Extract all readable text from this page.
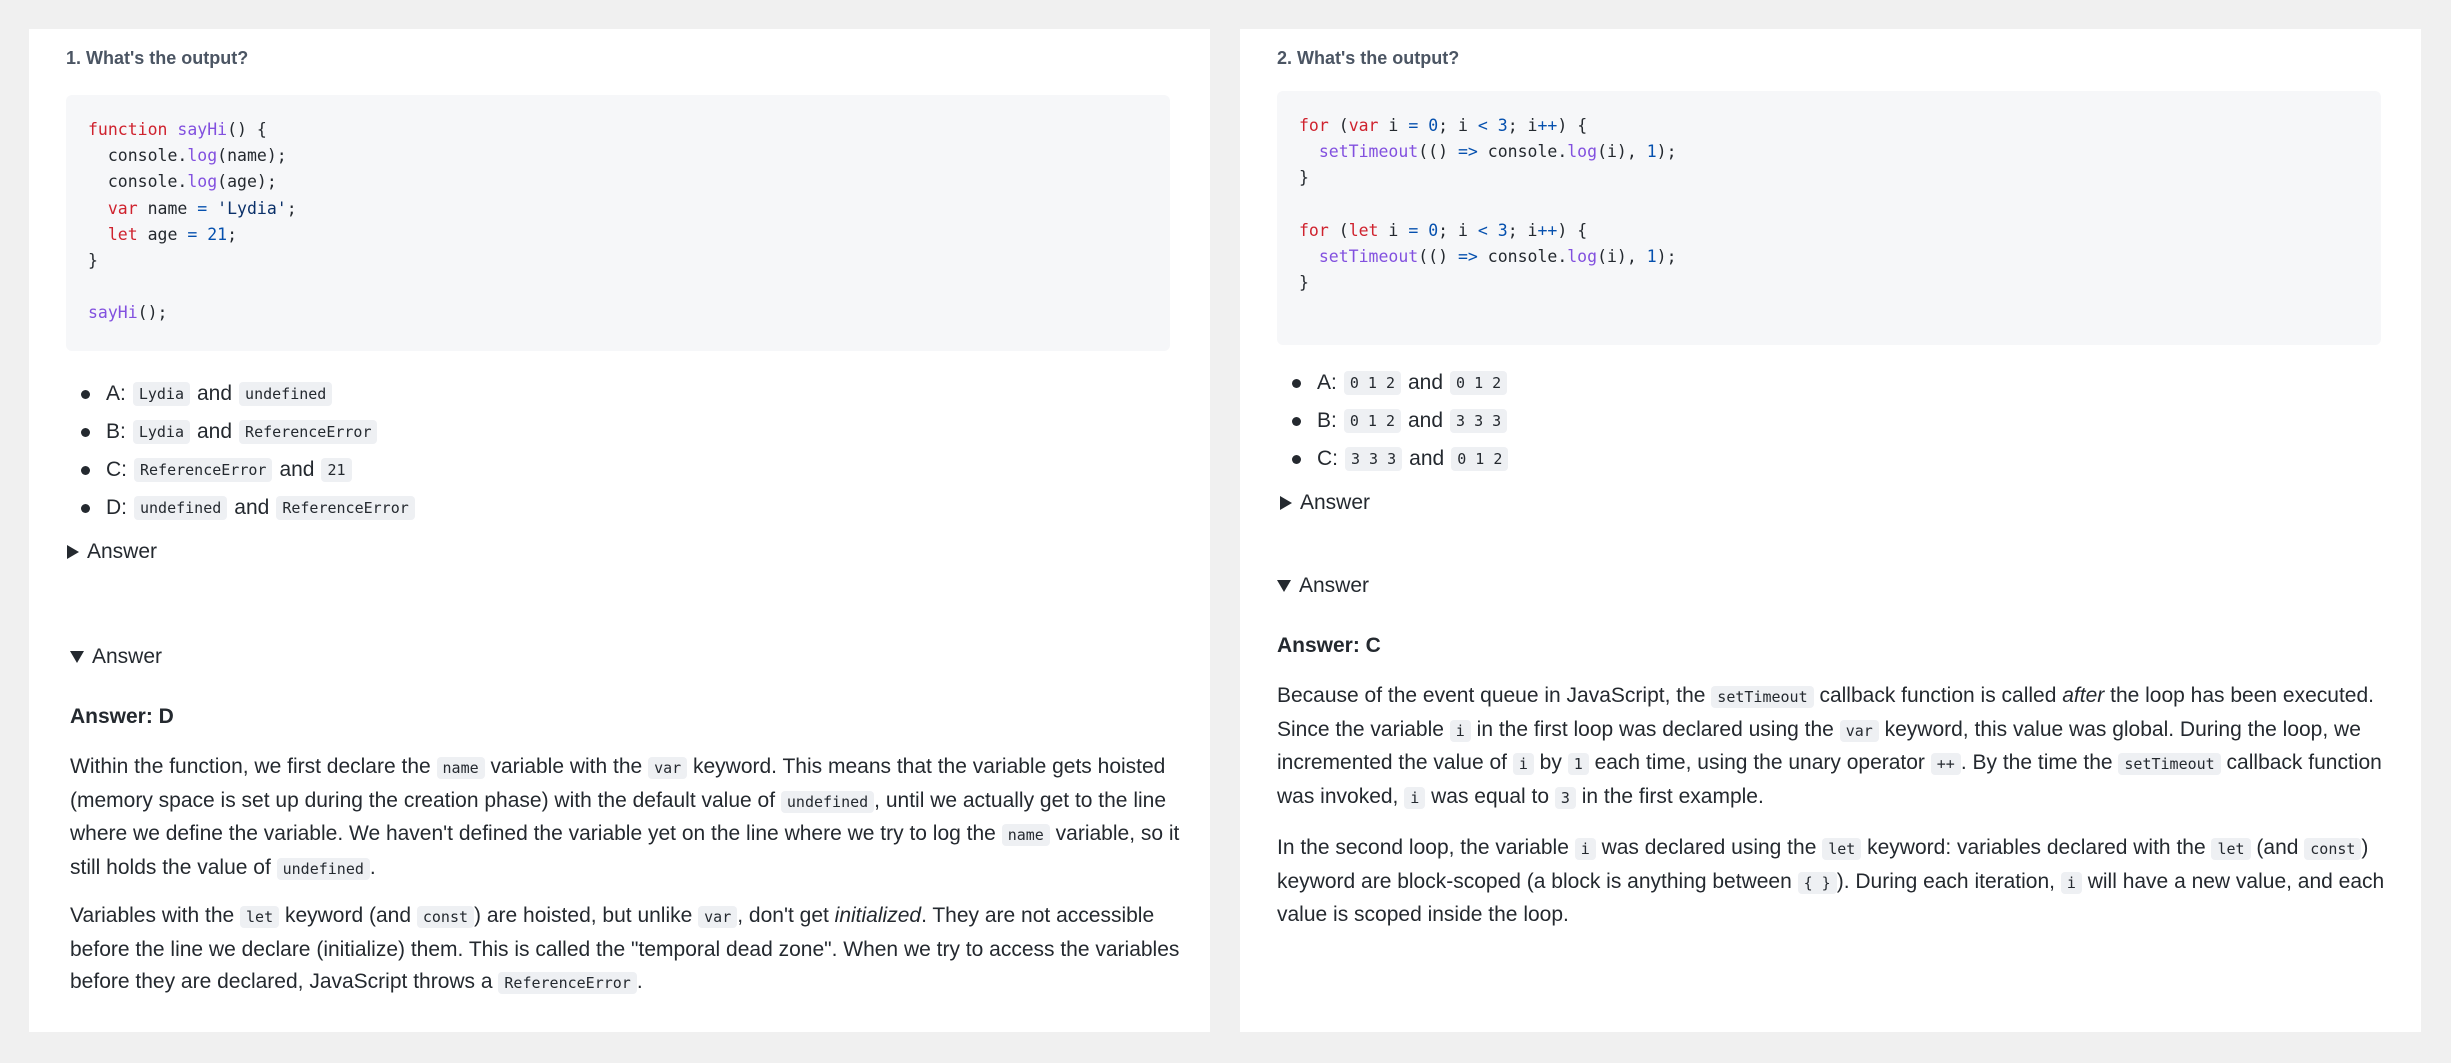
1. What's the output?
function sayHi() {
console.log(name);
console.log(age);
var name = 'Lydia';
let age = 21;
}
sayHi();
A: Lydia and undefined
B: Lydia and ReferenceError
C: ReferenceError and 21
D: undefined and ReferenceError
Answer
Answer
Answer: D

Within the function, we first declare the name variable with the var keyword. This means that the variable gets hoisted (memory space is set up during the creation phase) with the default value of undefined , until we actually get to the line where we define the variable. We haven't defined the variable yet on the line where we try to log the name variable, so it still holds the value of undefined .

Variables with the let keyword (and const ) are hoisted, but unlike var , don't get initialized. They are not accessible before the line we declare (initialize) them. This is called the "temporal dead zone". When we try to access the variables before they are declared, JavaScript throws a ReferenceError .

2. What's the output?
for (var i = 0; i < 3; i++) {
setTimeout(() => console.log(i), 1);
}
for (let i = 0; i < 3; i++) {
setTimeout(() => console.log(i), 1);
}
A: 0 1 2 and 0 1 2
B: 0 1 2 and 3 3 3
C: 3 3 3 and 0 1 2
Answer
Answer
Answer: C

Because of the event queue in JavaScript, the setTimeout callback function is called after the loop has been executed. Since the variable i in the first loop was declared using the var keyword, this value was global. During the loop, we incremented the value of i by 1 each time, using the unary operator ++ . By the time the setTimeout callback function was invoked, i was equal to 3 in the first example.

In the second loop, the variable i was declared using the let keyword: variables declared with the let (and const ) keyword are block-scoped (a block is anything between { } ). During each iteration, i will have a new value, and each value is scoped inside the loop.
